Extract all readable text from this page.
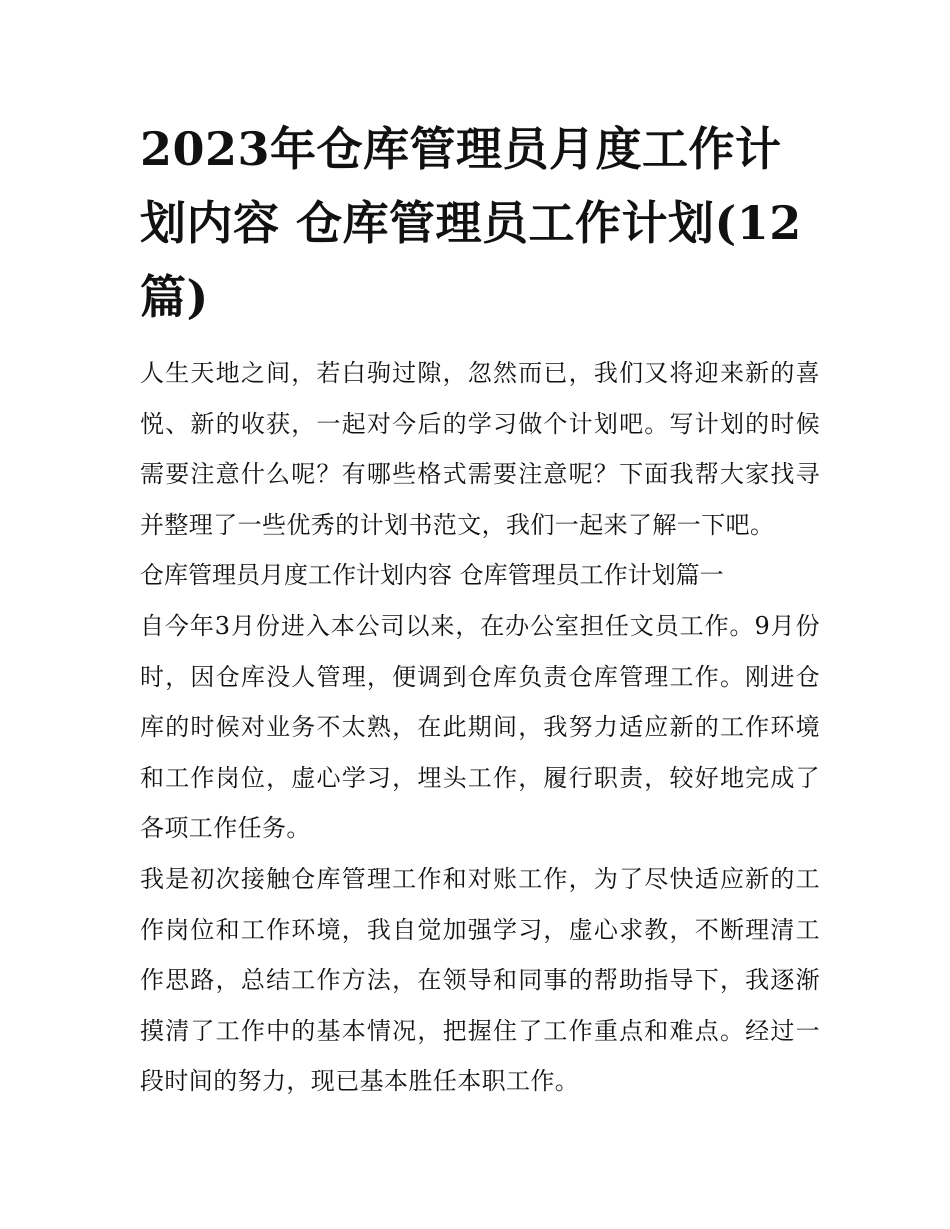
2023年仓库管理员月度工作计划内容 仓库管理员工作计划(12篇)

人生天地之间，若白驹过隙，忽然而已，我们又将迎来新的喜悦、新的收获，一起对今后的学习做个计划吧。写计划的时候需要注意什么呢？有哪些格式需要注意呢？下面我帮大家找寻并整理了一些优秀的计划书范文，我们一起来了解一下吧。

仓库管理员月度工作计划内容 仓库管理员工作计划篇一

自今年3月份进入本公司以来，在办公室担任文员工作。9月份时，因仓库没人管理，便调到仓库负责仓库管理工作。刚进仓库的时候对业务不太熟，在此期间，我努力适应新的工作环境和工作岗位，虚心学习，埋头工作，履行职责，较好地完成了各项工作任务。

我是初次接触仓库管理工作和对账工作，为了尽快适应新的工作岗位和工作环境，我自觉加强学习，虚心求教，不断理清工作思路，总结工作方法，在领导和同事的帮助指导下，我逐渐摸清了工作中的基本情况，把握住了工作重点和难点。经过一段时间的努力，现已基本胜任本职工作。
